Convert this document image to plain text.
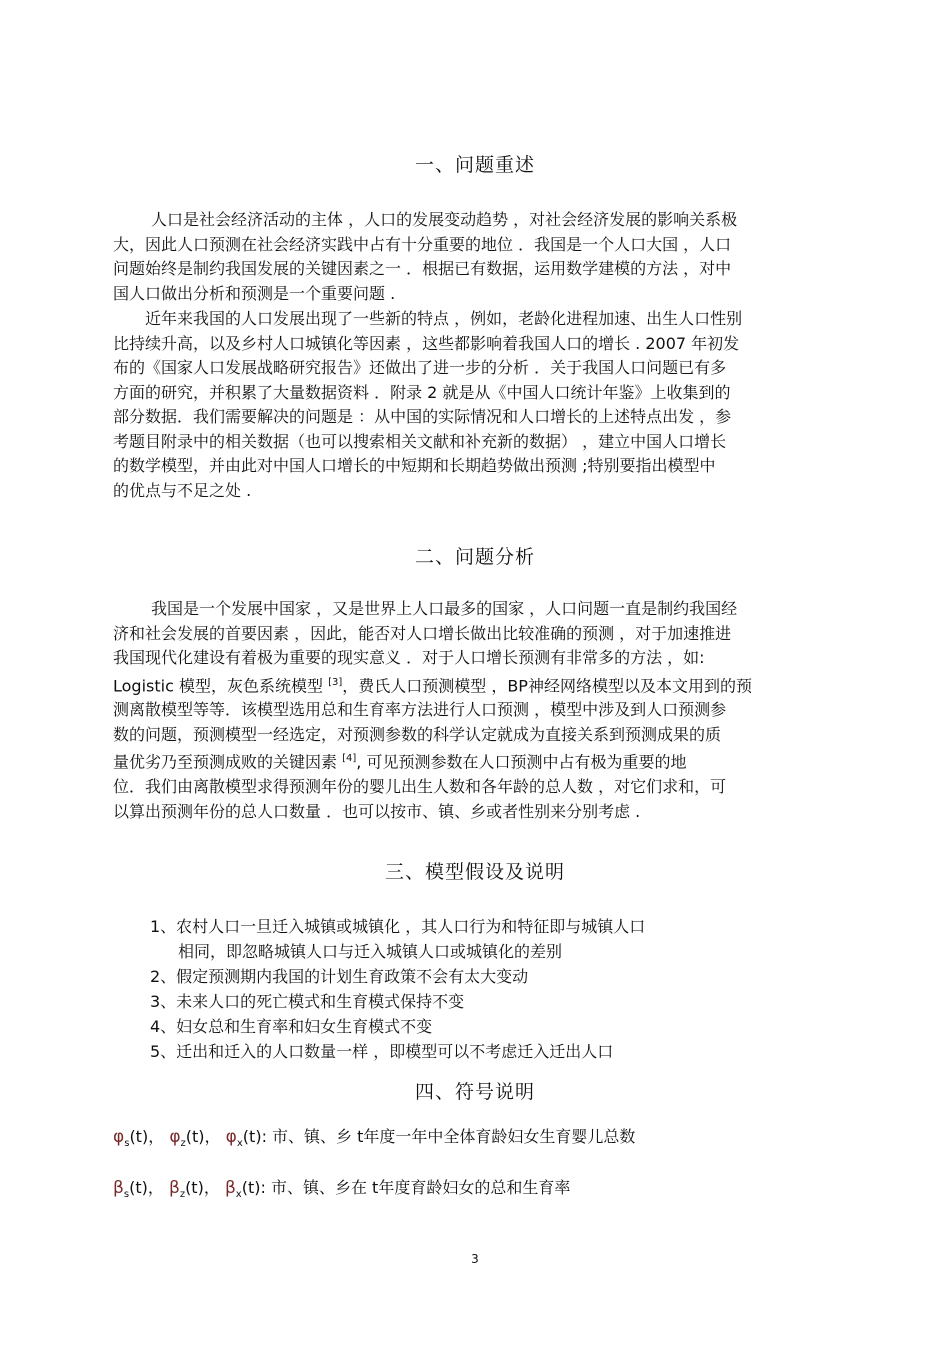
一、问题重述
人口是社会经济活动的主体 ，人口的发展变动趋势 ，对社会经济发展的影响关系极
大，因此人口预测在社会经济实践中占有十分重要的地位 ．我国是一个人口大国 ，人口
问题始终是制约我国发展的关键因素之一 ．根据已有数据，运用数学建模的方法 ，对中
国人口做出分析和预测是一个重要问题 .
近年来我国的人口发展出现了一些新的特点 ，例如，老龄化进程加速、出生人口性别
比持续升高，以及乡村人口城镇化等因素 ，这些都影响着我国人口的增长 . 2007 年初发
布的《国家人口发展战略研究报告》还做出了进一步的分析 ．关于我国人口问题已有多
方面的研究，并积累了大量数据资料 ．附录 2 就是从《中国人口统计年鉴》上收集到的
部分数据．我们需要解决的问题是 ：从中国的实际情况和人口增长的上述特点出发 ，参
考题目附录中的相关数据（也可以搜索相关文献和补充新的数据） ，建立中国人口增长
的数学模型，并由此对中国人口增长的中短期和长期趋势做出预测 ;特别要指出模型中
的优点与不足之处 .
二、问题分析
我国是一个发展中国家 ，又是世界上人口最多的国家 ，人口问题一直是制约我国经
济和社会发展的首要因素 ，因此，能否对人口增长做出比较准确的预测 ，对于加速推进
我国现代化建设有着极为重要的现实意义 ．对于人口增长预测有非常多的方法 ，如:
Logistic 模型，灰色系统模型 [3]，费氏人口预测模型 ，BP神经网络模型以及本文用到的预
测离散模型等等．该模型选用总和生育率方法进行人口预测 ，模型中涉及到人口预测参
数的问题，预测模型一经选定，对预测参数的科学认定就成为直接关系到预测成果的质
量优劣乃至预测成败的关键因素 [4], 可见预测参数在人口预测中占有极为重要的地
位．我们由离散模型求得预测年份的婴儿出生人数和各年龄的总人数 ，对它们求和，可
以算出预测年份的总人口数量 ．也可以按市、镇、乡或者性别来分别考虑 .
三、模型假设及说明
1、农村人口一旦迁入城镇或城镇化 ，其人口行为和特征即与城镇人口
相同，即忽略城镇人口与迁入城镇人口或城镇化的差别
2、假定预测期内我国的计划生育政策不会有太大变动
3、未来人口的死亡模式和生育模式保持不变
4、妇女总和生育率和妇女生育模式不变
5、迁出和迁入的人口数量一样 ，即模型可以不考虑迁入迁出人口
四、符号说明
$\varphi_s(t)$， $\varphi_z(t)$， $\varphi_x(t)$: 市、镇、乡 t年度一年中全体育龄妇女生育婴儿总数
$\beta_s(t)$， $\beta_z(t)$， $\beta_x(t)$: 市、镇、乡在 t年度育龄妇女的总和生育率
3
